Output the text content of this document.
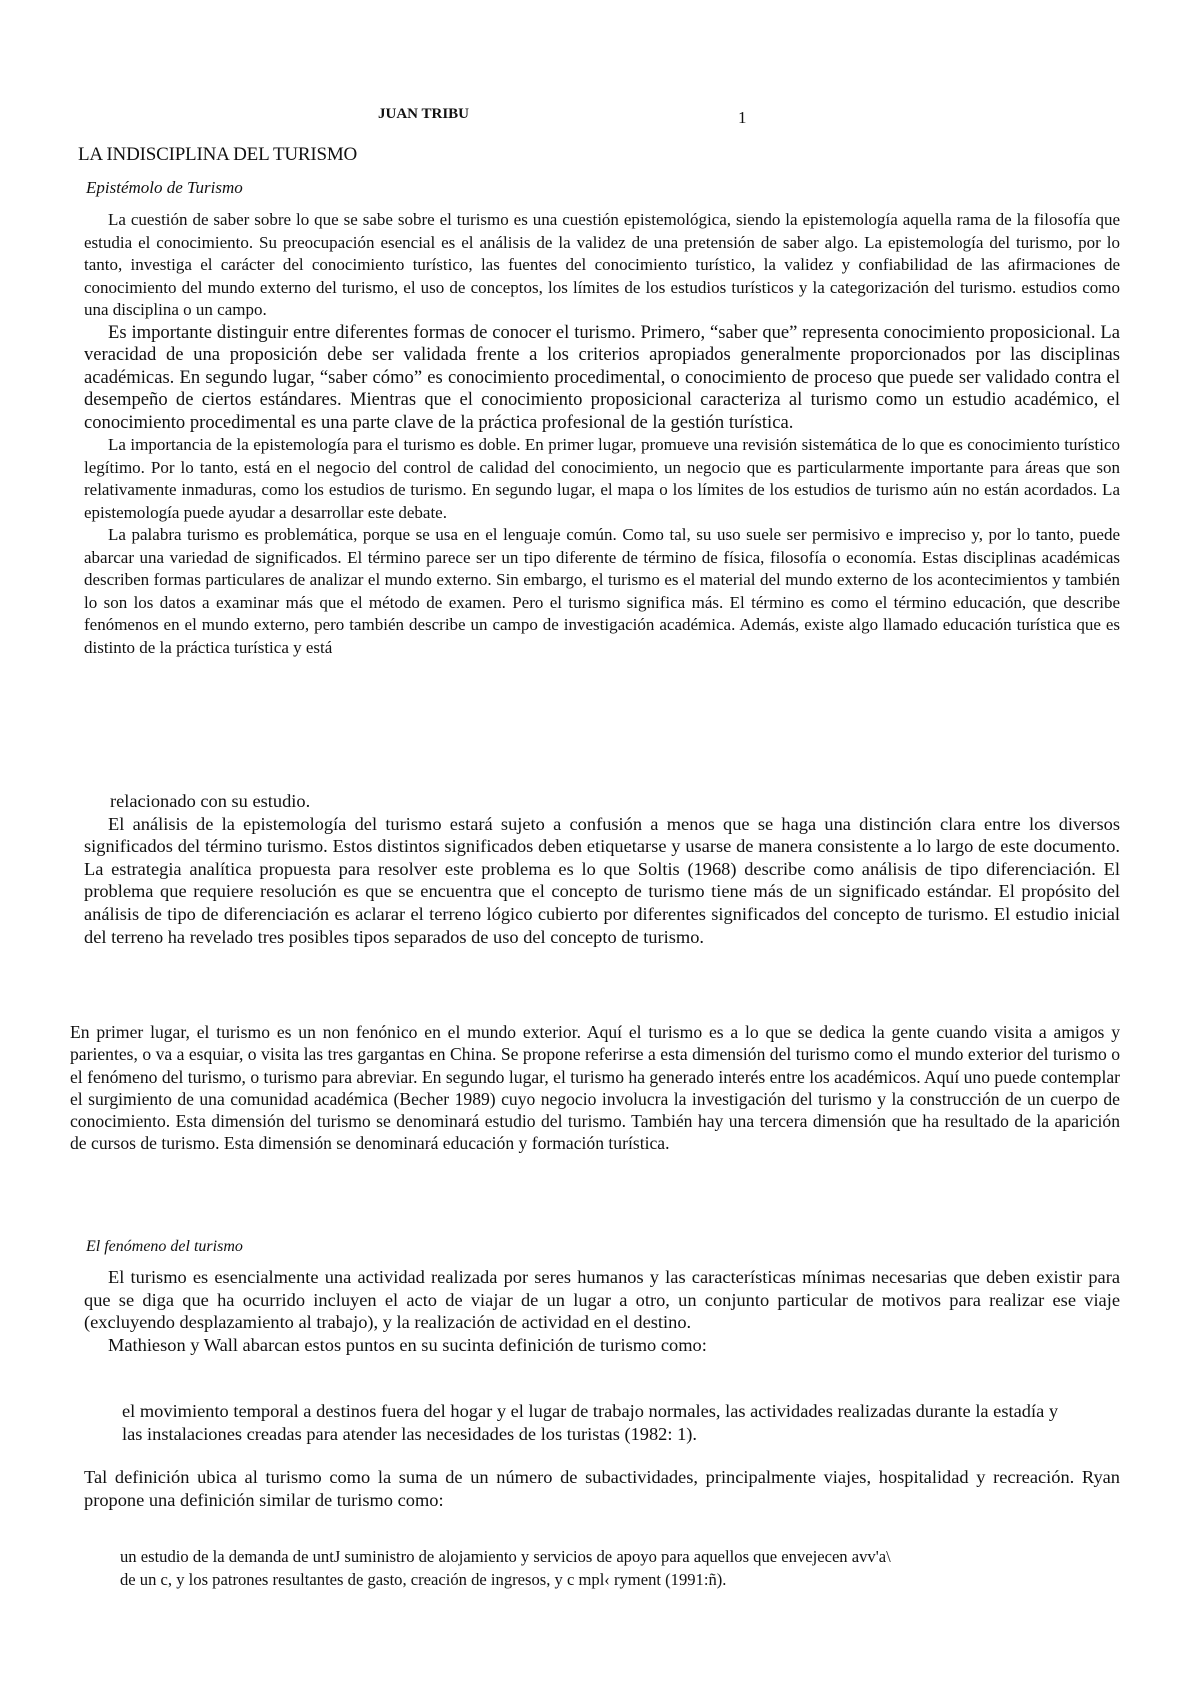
JUAN TRIBU	1
LA INDISCIPLINA DEL TURISMO
Epistémolo de Turismo

La cuestión de saber sobre lo que se sabe sobre el turismo es una cuestión epistemológica, siendo la epistemología aquella rama de la filosofía que estudia el conocimiento. Su preocupación esencial es el análisis de la validez de una pretensión de saber algo. La epistemología del turismo, por lo tanto, investiga el carácter del conocimiento turístico, las fuentes del conocimiento turístico, la validez y confiabilidad de las afirmaciones de conocimiento del mundo externo del turismo, el uso de conceptos, los límites de los estudios turísticos y la categorización del turismo. estudios como una disciplina o un campo.

Es importante distinguir entre diferentes formas de conocer el turismo. Primero, “saber que” representa conocimiento proposicional. La veracidad de una proposición debe ser validada frente a los criterios apropiados generalmente proporcionados por las disciplinas académicas. En segundo lugar, “saber cómo” es conocimiento procedimental, o conocimiento de proceso que puede ser validado contra el desempeño de ciertos estándares. Mientras que el conocimiento proposicional caracteriza al turismo como un estudio académico, el conocimiento procedimental es una parte clave de la práctica profesional de la gestión turística.

La importancia de la epistemología para el turismo es doble. En primer lugar, promueve una revisión sistemática de lo que es conocimiento turístico legítimo. Por lo tanto, está en el negocio del control de calidad del conocimiento, un negocio que es particularmente importante para áreas que son relativamente inmaduras, como los estudios de turismo. En segundo lugar, el mapa o los límites de los estudios de turismo aún no están acordados. La epistemología puede ayudar a desarrollar este debate.

La palabra turismo es problemática, porque se usa en el lenguaje común. Como tal, su uso suele ser permisivo e impreciso y, por lo tanto, puede abarcar una variedad de significados. El término parece ser un tipo diferente de término de física, filosofía o economía. Estas disciplinas académicas describen formas particulares de analizar el mundo externo. Sin embargo, el turismo es el material del mundo externo de los acontecimientos y también lo son los datos a examinar más que el método de examen. Pero el turismo significa más. El término es como el término educación, que describe fenómenos en el mundo externo, pero también describe un campo de investigación académica. Además, existe algo llamado educación turística que es distinto de la práctica turística y está

relacionado con su estudio.

El análisis de la epistemología del turismo estará sujeto a confusión a menos que se haga una distinción clara entre los diversos significados del término turismo. Estos distintos significados deben etiquetarse y usarse de manera consistente a lo largo de este documento. La estrategia analítica propuesta para resolver este problema es lo que Soltis (1968) describe como análisis de tipo diferenciación. El problema que requiere resolución es que se encuentra que el concepto de turismo tiene más de un significado estándar. El propósito del análisis de tipo de diferenciación es aclarar el terreno lógico cubierto por diferentes significados del concepto de turismo. El estudio inicial del terreno ha revelado tres posibles tipos separados de uso del concepto de turismo.

En primer lugar, el turismo es un non fenónico en el mundo exterior. Aquí el turismo es a lo que se dedica la gente cuando visita a amigos y parientes, o va a esquiar, o visita las tres gargantas en China. Se propone referirse a esta dimensión del turismo como el mundo exterior del turismo o el fenómeno del turismo, o turismo para abreviar. En segundo lugar, el turismo ha generado interés entre los académicos. Aquí uno puede contemplar el surgimiento de una comunidad académica (Becher 1989) cuyo negocio involucra la investigación del turismo y la construcción de un cuerpo de conocimiento. Esta dimensión del turismo se denominará estudio del turismo. También hay una tercera dimensión que ha resultado de la aparición de cursos de turismo. Esta dimensión se denominará educación y formación turística.

El fenómeno del turismo

El turismo es esencialmente una actividad realizada por seres humanos y las características mínimas necesarias que deben existir para que se diga que ha ocurrido incluyen el acto de viajar de un lugar a otro, un conjunto particular de motivos para realizar ese viaje (excluyendo desplazamiento al trabajo), y la realización de actividad en el destino.

Mathieson y Wall abarcan estos puntos en su sucinta definición de turismo como:

el movimiento temporal a destinos fuera del hogar y el lugar de trabajo normales, las actividades realizadas durante la estadía y las instalaciones creadas para atender las necesidades de los turistas (1982: 1).
Tal definición ubica al turismo como la suma de un número de subactividades, principalmente viajes, hospitalidad y recreación. Ryan propone una definición similar de turismo como:

un estudio de la demanda de untJ suministro de alojamiento y servicios de apoyo para aquellos que envejecen avv'a\

de un c, y los patrones resultantes de gasto, creación de ingresos, y c mpl‹ ryment (1991:ñ).
